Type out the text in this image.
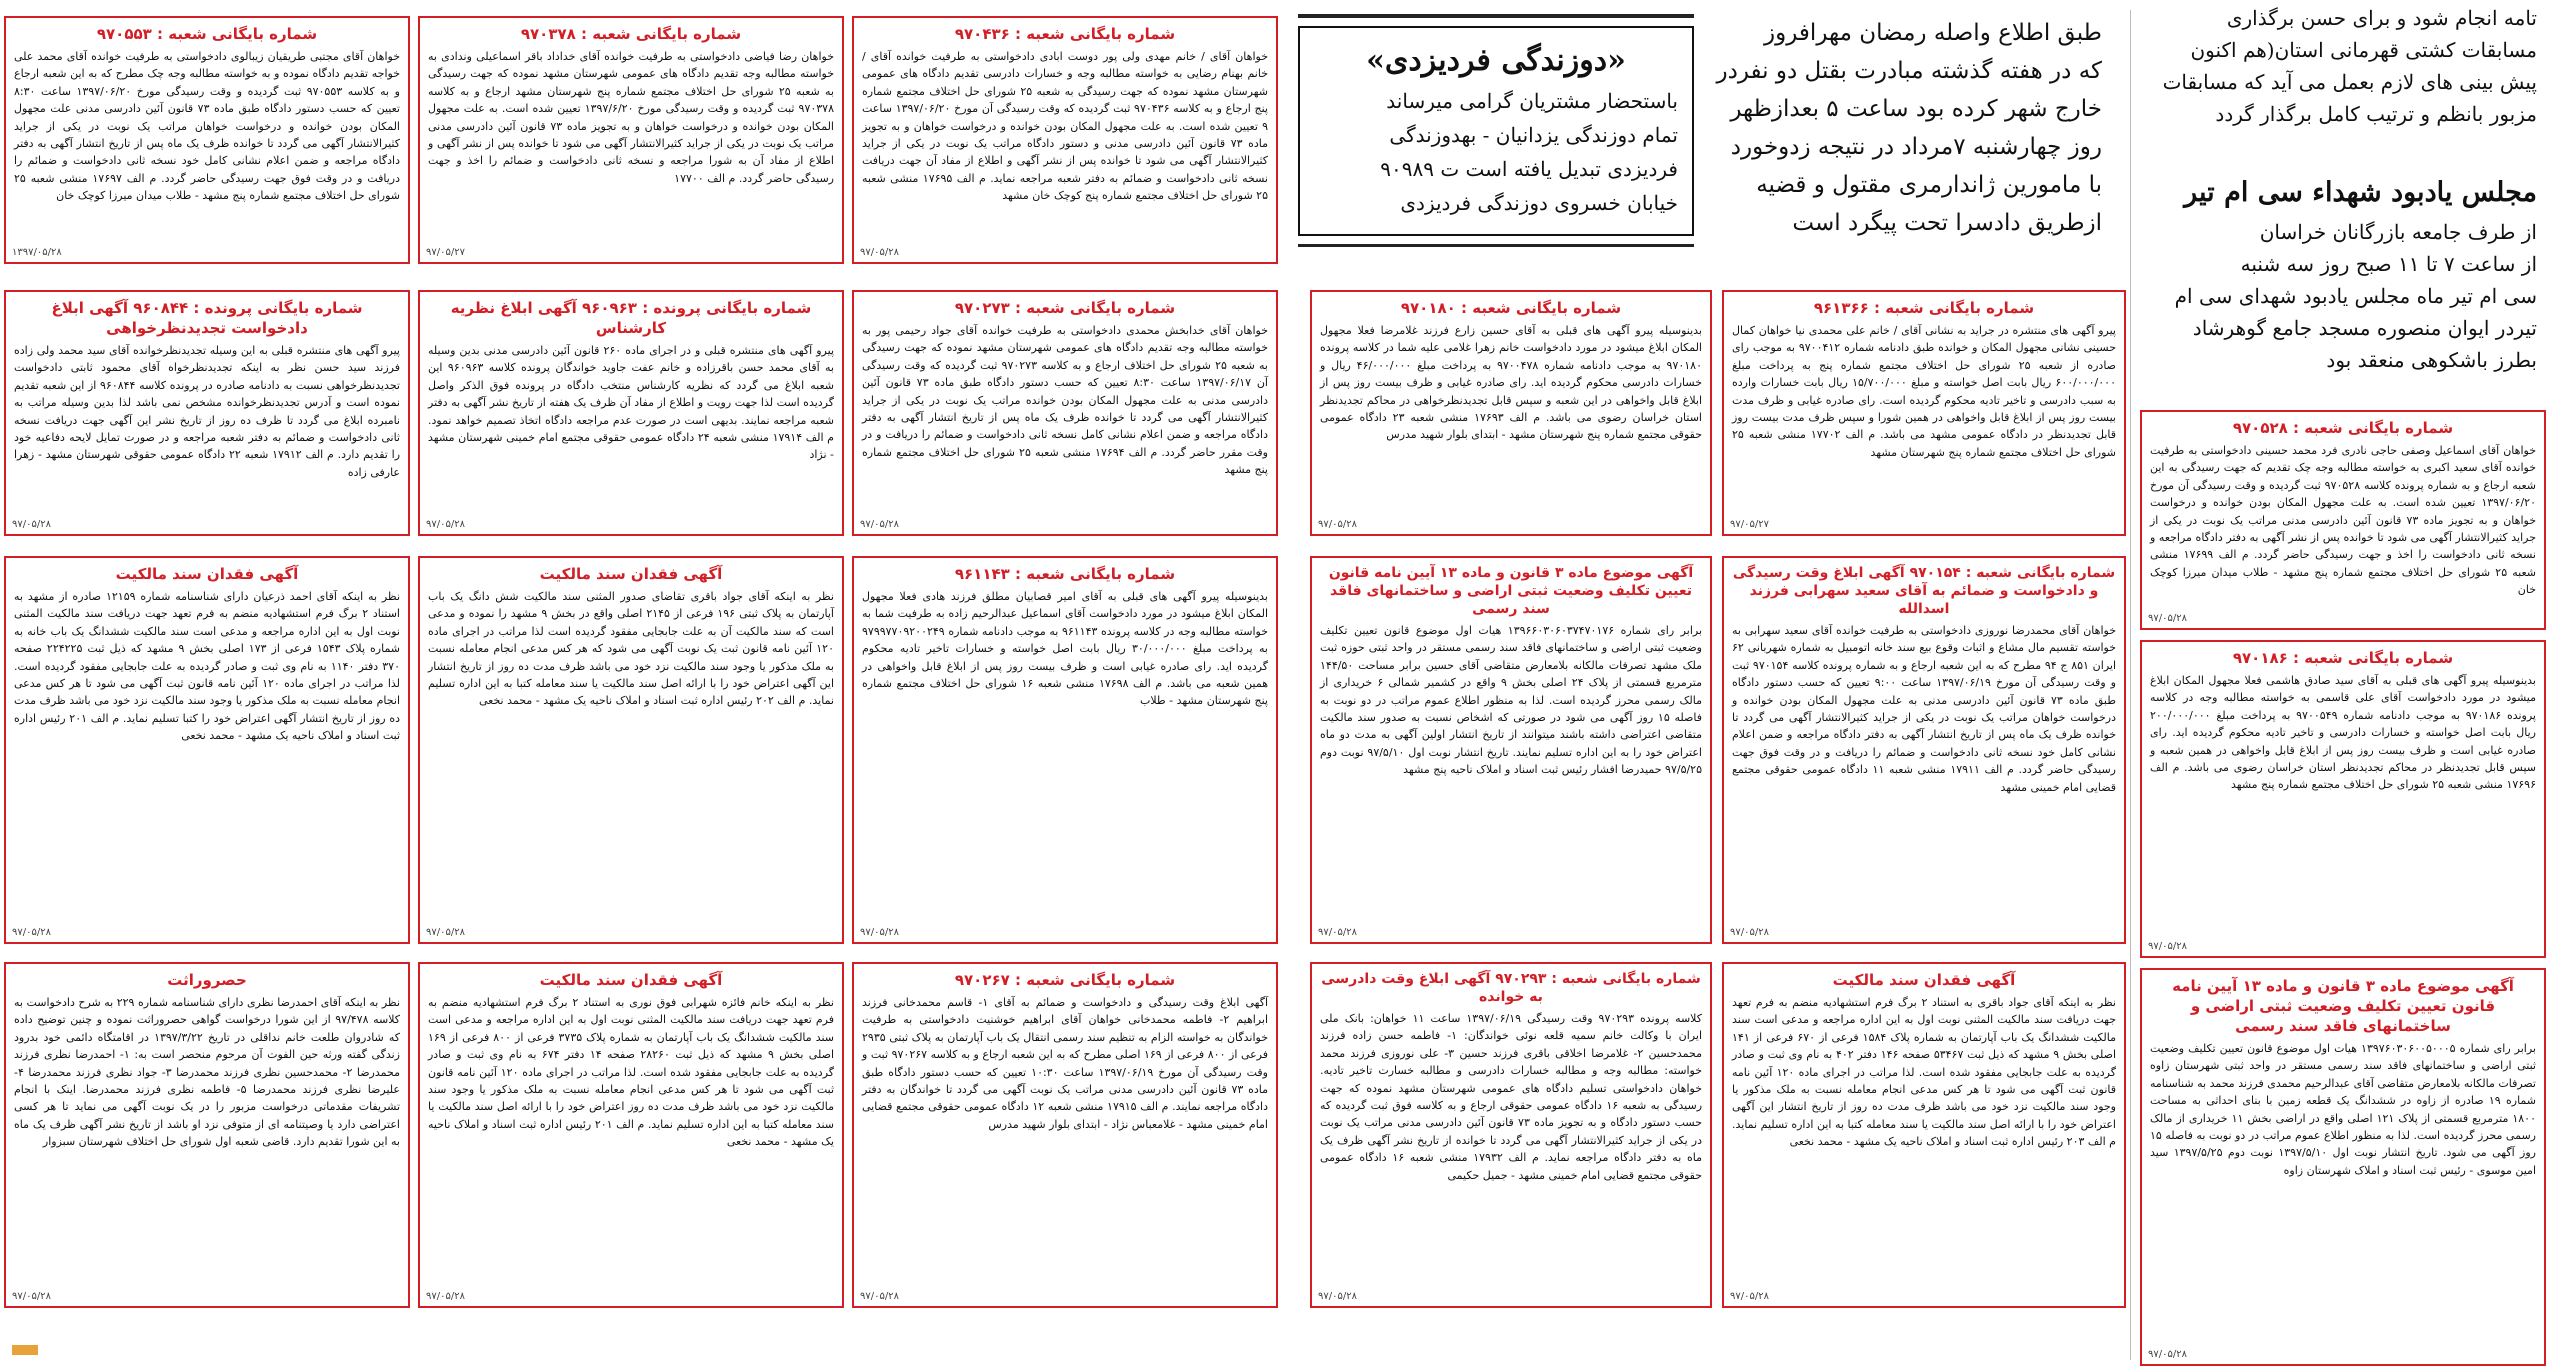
«دوزندگی فردیزدی»
باستحضار مشتریان گرامی میرساند
تمام دوزندگی یزدانیان - بهدوزندگی
فردیزدی تبدیل یافته است ت ۹۰۹۸۹
خیابان خسروی دوزندگی فردیزدی
طبق اطلاع واصله رمضان مهرافروز
که در هفته گذشته مبادرت بقتل دو نفردر
خارج شهر کرده بود ساعت ۵ بعدازظهر
روز چهارشنبه ۷مرداد در نتیجه زدوخورد
با مامورین ژاندارمری مقتول و قضیه
ازطریق دادسرا تحت پیگرد است
تامه انجام شود و برای حسن برگذاری
مسابقات کشتی قهرمانی استان(هم اکنون
پیش بینی های لازم بعمل می آید که مسابقات
مزبور بانظم و ترتیب کامل برگذار گردد
مجلس یادبود شهداء سی ام تیر
از طرف جامعه بازرگانان خراسان
از ساعت ۷ تا ۱۱ صبح روز سه شنبه
سی ام تیر ماه مجلس یادبود شهدای سی ام
تیردر ایوان منصوره مسجد جامع گوهرشاد
بطرز باشکوهی منعقد بود
شماره بایگانی شعبه : ۹۷۰۵۵۳
خواهان آقای مجتبی طریقیان زیبالوی دادخواستی به طرفیت خوانده آقای محمد علی خواجه تقدیم دادگاه نموده و به خواسته مطالبه وجه چک مطرح که به این شعبه ارجاع و به کلاسه ۹۷۰۵۵۳ ثبت گردیده و وقت رسیدگی مورخ ۱۳۹۷/۰۶/۲۰ ساعت ۸:۳۰ تعیین که حسب دستور دادگاه طبق ماده ۷۳ قانون آئین دادرسی مدنی علت مجهول المکان بودن خوانده و درخواست خواهان مراتب یک نوبت در یکی از جراید کثیرالانتشار آگهی می گردد تا خوانده ظرف یک ماه پس از تاریخ انتشار آگهی به دفتر دادگاه مراجعه و ضمن اعلام نشانی کامل خود نسخه ثانی دادخواست و ضمائم را دریافت و در وقت فوق جهت رسیدگی حاضر گردد. م الف ۱۷۶۹۷ منشی شعبه ۲۵ شورای حل اختلاف مجتمع شماره پنج مشهد - طلاب میدان میرزا کوچک خان
۱۳۹۷/۰۵/۲۸
شماره بایگانی شعبه : ۹۷۰۳۷۸
خواهان رضا فیاضی دادخواستی به طرفیت خوانده آقای خداداد باقر اسماعیلی وندادی به خواسته مطالبه وجه تقدیم دادگاه های عمومی شهرستان مشهد نموده که جهت رسیدگی به شعبه ۲۵ شورای حل اختلاف مجتمع شماره پنج شهرستان مشهد ارجاع و به کلاسه ۹۷۰۳۷۸ ثبت گردیده و وقت رسیدگی مورخ ۱۳۹۷/۶/۲۰ تعیین شده است. به علت مجهول المکان بودن خوانده و درخواست خواهان و به تجویز ماده ۷۳ قانون آئین دادرسی مدنی مراتب یک نوبت در یکی از جراید کثیرالانتشار آگهی می شود تا خوانده پس از نشر آگهی و اطلاع از مفاد آن به شورا مراجعه و نسخه ثانی دادخواست و ضمائم را اخذ و جهت رسیدگی حاضر گردد. م الف ۱۷۷۰۰
۹۷/۰۵/۲۷
شماره بایگانی شعبه : ۹۷۰۴۳۶
خواهان آقای / خانم مهدی ولی پور دوست ابادی دادخواستی به طرفیت خوانده آقای / خانم بهنام رضایی به خواسته مطالبه وجه و خسارات دادرسی تقدیم دادگاه های عمومی شهرستان مشهد نموده که جهت رسیدگی به شعبه ۲۵ شورای حل اختلاف مجتمع شماره پنج ارجاع و به کلاسه ۹۷۰۴۳۶ ثبت گردیده که وقت رسیدگی آن مورخ ۱۳۹۷/۰۶/۲۰ ساعت ۹ تعیین شده است. به علت مجهول المکان بودن خوانده و درخواست خواهان و به تجویز ماده ۷۳ قانون آئین دادرسی مدنی و دستور دادگاه مراتب یک نوبت در یکی از جراید کثیرالانتشار آگهی می شود تا خوانده پس از نشر آگهی و اطلاع از مفاد آن جهت دریافت نسخه ثانی دادخواست و ضمائم به دفتر شعبه مراجعه نماید. م الف ۱۷۶۹۵ منشی شعبه ۲۵ شورای حل اختلاف مجتمع شماره پنج کوچک خان مشهد
۹۷/۰۵/۲۸
شماره بایگانی پرونده : ۹۶۰۸۴۴ آگهی ابلاغ دادخواست تجدیدنظرخواهی
پیرو آگهی های منتشره قبلی به این وسیله تجدیدنظرخوانده آقای سید محمد ولی زاده فرزند سید حسن نظر به اینکه تجدیدنظرخواه آقای محمود ثابتی دادخواست تجدیدنظرخواهی نسبت به دادنامه صادره در پرونده کلاسه ۹۶۰۸۴۴ از این شعبه تقدیم نموده است و آدرس تجدیدنظرخوانده مشخص نمی باشد لذا بدین وسیله مراتب به نامبرده ابلاغ می گردد تا ظرف ده روز از تاریخ نشر این آگهی جهت دریافت نسخه ثانی دادخواست و ضمائم به دفتر شعبه مراجعه و در صورت تمایل لایحه دفاعیه خود را تقدیم دارد. م الف ۱۷۹۱۲ شعبه ۲۲ دادگاه عمومی حقوقی شهرستان مشهد - زهرا عارفی زاده
۹۷/۰۵/۲۸
شماره بایگانی پرونده : ۹۶۰۹۶۳ آگهی ابلاغ نظریه کارشناس
پیرو آگهی های منتشره قبلی و در اجرای ماده ۲۶۰ قانون آئین دادرسی مدنی بدین وسیله به آقای محمد حسن باقرزاده و خانم عفت جاوید خواندگان پرونده کلاسه ۹۶۰۹۶۳ این شعبه ابلاغ می گردد که نظریه کارشناس منتخب دادگاه در پرونده فوق الذکر واصل گردیده است لذا جهت رویت و اطلاع از مفاد آن ظرف یک هفته از تاریخ نشر آگهی به دفتر شعبه مراجعه نمایند. بدیهی است در صورت عدم مراجعه دادگاه اتخاذ تصمیم خواهد نمود. م الف ۱۷۹۱۴ منشی شعبه ۲۴ دادگاه عمومی حقوقی مجتمع امام خمینی شهرستان مشهد - نژاد
۹۷/۰۵/۲۸
شماره بایگانی شعبه : ۹۷۰۲۷۳
خواهان آقای خدابخش محمدی دادخواستی به طرفیت خوانده آقای جواد رحیمی پور به خواسته مطالبه وجه تقدیم دادگاه های عمومی شهرستان مشهد نموده که جهت رسیدگی به شعبه ۲۵ شورای حل اختلاف ارجاع و به کلاسه ۹۷۰۲۷۳ ثبت گردیده که وقت رسیدگی آن ۱۳۹۷/۰۶/۱۷ ساعت ۸:۳۰ تعیین که حسب دستور دادگاه طبق ماده ۷۳ قانون آئین دادرسی مدنی به علت مجهول المکان بودن خوانده مراتب یک نوبت در یکی از جراید کثیرالانتشار آگهی می گردد تا خوانده ظرف یک ماه پس از تاریخ انتشار آگهی به دفتر دادگاه مراجعه و ضمن اعلام نشانی کامل نسخه ثانی دادخواست و ضمائم را دریافت و در وقت مقرر حاضر گردد. م الف ۱۷۶۹۴ منشی شعبه ۲۵ شورای حل اختلاف مجتمع شماره پنج مشهد
۹۷/۰۵/۲۸
شماره بایگانی شعبه : ۹۷۰۱۸۰
بدینوسیله پیرو آگهی های قبلی به آقای حسین زارع فرزند غلامرضا فعلا مجهول المکان ابلاغ میشود در مورد دادخواست خانم زهرا غلامی علیه شما در کلاسه پرونده ۹۷۰۱۸۰ به موجب دادنامه شماره ۹۷۰۰۴۷۸ به پرداخت مبلغ ۴۶/۰۰۰/۰۰۰ ریال و خسارات دادرسی محکوم گردیده اید. رای صادره غیابی و ظرف بیست روز پس از ابلاغ قابل واخواهی در این شعبه و سپس قابل تجدیدنظرخواهی در محاکم تجدیدنظر استان خراسان رضوی می باشد. م الف ۱۷۶۹۳ منشی شعبه ۲۳ دادگاه عمومی حقوقی مجتمع شماره پنج شهرستان مشهد - ابتدای بلوار شهید مدرس
۹۷/۰۵/۲۸
شماره بایگانی شعبه : ۹۶۱۳۶۶
پیرو آگهی های منتشره در جراید به نشانی آقای / خانم علی محمدی نیا خواهان کمال حسینی نشانی مجهول المکان و خوانده طبق دادنامه شماره ۹۷۰۰۴۱۲ به موجب رای صادره از شعبه ۲۵ شورای حل اختلاف مجتمع شماره پنج به پرداخت مبلغ ۶۰۰/۰۰۰/۰۰۰ ریال بابت اصل خواسته و مبلغ ۱۵/۷۰۰/۰۰۰ ریال بابت خسارات وارده به سبب دادرسی و تاخیر تادیه محکوم گردیده است. رای صادره غیابی و ظرف مدت بیست روز پس از ابلاغ قابل واخواهی در همین شورا و سپس ظرف مدت بیست روز قابل تجدیدنظر در دادگاه عمومی مشهد می باشد. م الف ۱۷۷۰۲ منشی شعبه ۲۵ شورای حل اختلاف مجتمع شماره پنج شهرستان مشهد
۹۷/۰۵/۲۷
شماره بایگانی شعبه : ۹۷۰۵۲۸
خواهان آقای اسماعیل وصفی حاجی نادری فرد محمد حسینی دادخواستی به طرفیت خوانده آقای سعید اکبری به خواسته مطالبه وجه چک تقدیم که جهت رسیدگی به این شعبه ارجاع و به شماره پرونده کلاسه ۹۷۰۵۲۸ ثبت گردیده و وقت رسیدگی آن مورخ ۱۳۹۷/۰۶/۲۰ تعیین شده است. به علت مجهول المکان بودن خوانده و درخواست خواهان و به تجویز ماده ۷۳ قانون آئین دادرسی مدنی مراتب یک نوبت در یکی از جراید کثیرالانتشار آگهی می شود تا خوانده پس از نشر آگهی به دفتر دادگاه مراجعه و نسخه ثانی دادخواست را اخذ و جهت رسیدگی حاضر گردد. م الف ۱۷۶۹۹ منشی شعبه ۲۵ شورای حل اختلاف مجتمع شماره پنج مشهد - طلاب میدان میرزا کوچک خان
۹۷/۰۵/۲۸
شماره بایگانی شعبه : ۹۷۰۱۸۶
بدینوسیله پیرو آگهی های قبلی به آقای سید صادق هاشمی فعلا مجهول المکان ابلاغ میشود در مورد دادخواست آقای علی قاسمی به خواسته مطالبه وجه در کلاسه پرونده ۹۷۰۱۸۶ به موجب دادنامه شماره ۹۷۰۰۵۴۹ به پرداخت مبلغ ۲۰۰/۰۰۰/۰۰۰ ریال بابت اصل خواسته و خسارات دادرسی و تاخیر تادیه محکوم گردیده اید. رای صادره غیابی است و ظرف بیست روز پس از ابلاغ قابل واخواهی در همین شعبه و سپس قابل تجدیدنظر در محاکم تجدیدنظر استان خراسان رضوی می باشد. م الف ۱۷۶۹۶ منشی شعبه ۲۵ شورای حل اختلاف مجتمع شماره پنج مشهد
۹۷/۰۵/۲۸
آگهی موضوع ماده ۳ قانون و ماده ۱۳ آیین نامه قانون تعیین تکلیف وضعیت ثبتی اراضی و ساختمانهای فاقد سند رسمی
برابر رای شماره ۱۳۹۷۶۰۳۰۶۰۰۵۰۰۰۵ هیات اول موضوع قانون تعیین تکلیف وضعیت ثبتی اراضی و ساختمانهای فاقد سند رسمی مستقر در واحد ثبتی شهرستان زاوه تصرفات مالکانه بلامعارض متقاضی آقای عبدالرحیم محمدی فرزند محمد به شناسنامه شماره ۱۹ صادره از زاوه در ششدانگ یک قطعه زمین با بنای احداثی به مساحت ۱۸۰۰ مترمربع قسمتی از پلاک ۱۲۱ اصلی واقع در اراضی بخش ۱۱ خریداری از مالک رسمی محرز گردیده است. لذا به منظور اطلاع عموم مراتب در دو نوبت به فاصله ۱۵ روز آگهی می شود. تاریخ انتشار نوبت اول ۱۳۹۷/۵/۱۰ نوبت دوم ۱۳۹۷/۵/۲۵ سید امین موسوی - رئیس ثبت اسناد و املاک شهرستان زاوه
۹۷/۰۵/۲۸
آگهی فقدان سند مالکیت
نظر به اینکه آقای احمد ذرعیان دارای شناسنامه شماره ۱۲۱۵۹ صادره از مشهد به استناد ۲ برگ فرم استشهادیه منضم به فرم تعهد جهت دریافت سند مالکیت المثنی نوبت اول به این اداره مراجعه و مدعی است سند مالکیت ششدانگ یک باب خانه به شماره پلاک ۱۵۴۳ فرعی از ۱۷۳ اصلی بخش ۹ مشهد که ذیل ثبت ۲۲۴۲۲۵ صفحه ۳۷۰ دفتر ۱۱۴۰ به نام وی ثبت و صادر گردیده به علت جابجایی مفقود گردیده است. لذا مراتب در اجرای ماده ۱۲۰ آئین نامه قانون ثبت آگهی می شود تا هر کس مدعی انجام معامله نسبت به ملک مذکور یا وجود سند مالکیت نزد خود می باشد ظرف مدت ده روز از تاریخ انتشار آگهی اعتراض خود را کتبا تسلیم نماید. م الف ۲۰۱ رئیس اداره ثبت اسناد و املاک ناحیه یک مشهد - محمد نخعی
۹۷/۰۵/۲۸
آگهی فقدان سند مالکیت
نظر به اینکه آقای جواد باقری تقاضای صدور المثنی سند مالکیت شش دانگ یک باب آپارتمان به پلاک ثبتی ۱۹۶ فرعی از ۲۱۴۵ اصلی واقع در بخش ۹ مشهد را نموده و مدعی است که سند مالکیت آن به علت جابجایی مفقود گردیده است لذا مراتب در اجرای ماده ۱۲۰ آئین نامه قانون ثبت یک نوبت آگهی می شود که هر کس مدعی انجام معامله نسبت به ملک مذکور یا وجود سند مالکیت نزد خود می باشد ظرف مدت ده روز از تاریخ انتشار این آگهی اعتراض خود را با ارائه اصل سند مالکیت یا سند معامله کتبا به این اداره تسلیم نماید. م الف ۲۰۲ رئیس اداره ثبت اسناد و املاک ناحیه یک مشهد - محمد نخعی
۹۷/۰۵/۲۸
شماره بایگانی شعبه : ۹۶۱۱۴۳
بدینوسیله پیرو آگهی های قبلی به آقای امیر قصابیان مطلق فرزند هادی فعلا مجهول المکان ابلاغ میشود در مورد دادخواست آقای اسماعیل عبدالرحیم زاده به طرفیت شما به خواسته مطالبه وجه در کلاسه پرونده ۹۶۱۱۴۳ به موجب دادنامه شماره ۹۷۹۹۷۷۰۹۲۰۰۲۴۹ به پرداخت مبلغ ۳۰/۰۰۰/۰۰۰ ریال بابت اصل خواسته و خسارات تاخیر تادیه محکوم گردیده اید. رای صادره غیابی است و ظرف بیست روز پس از ابلاغ قابل واخواهی در همین شعبه می باشد. م الف ۱۷۶۹۸ منشی شعبه ۱۶ شورای حل اختلاف مجتمع شماره پنج شهرستان مشهد - طلاب
۹۷/۰۵/۲۸
آگهی موضوع ماده ۳ قانون و ماده ۱۳ آیین نامه قانون تعیین تکلیف وضعیت ثبتی اراضی و ساختمانهای فاقد سند رسمی
برابر رای شماره ۱۳۹۶۶۰۳۰۶۰۳۷۴۷۰۱۷۶ هیات اول موضوع قانون تعیین تکلیف وضعیت ثبتی اراضی و ساختمانهای فاقد سند رسمی مستقر در واحد ثبتی حوزه ثبت ملک مشهد تصرفات مالکانه بلامعارض متقاضی آقای حسین برابر مساحت ۱۴۴/۵۰ مترمربع قسمتی از پلاک ۲۴ اصلی بخش ۹ واقع در کشمیر شمالی ۶ خریداری از مالک رسمی محرز گردیده است. لذا به منظور اطلاع عموم مراتب در دو نوبت به فاصله ۱۵ روز آگهی می شود در صورتی که اشخاص نسبت به صدور سند مالکیت متقاضی اعتراضی داشته باشند میتوانند از تاریخ انتشار اولین آگهی به مدت دو ماه اعتراض خود را به این اداره تسلیم نمایند. تاریخ انتشار نوبت اول ۹۷/۵/۱۰ نوبت دوم ۹۷/۵/۲۵ حمیدرضا افشار رئیس ثبت اسناد و املاک ناحیه پنج مشهد
۹۷/۰۵/۲۸
شماره بایگانی شعبه : ۹۷۰۱۵۴ آگهی ابلاغ وقت رسیدگی و دادخواست و ضمائم به آقای سعید سهرابی فرزند اسدالله
خواهان آقای محمدرضا نوروزی دادخواستی به طرفیت خوانده آقای سعید سهرابی به خواسته تقسیم مال مشاع و اثبات وقوع بیع سند خانه اتومبیل به شماره شهربانی ۶۲ ایران ۸۵۱ ج ۹۴ مطرح که به این شعبه ارجاع و به شماره پرونده کلاسه ۹۷۰۱۵۴ ثبت و وقت رسیدگی آن مورخ ۱۳۹۷/۰۶/۱۹ ساعت ۹:۰۰ تعیین که حسب دستور دادگاه طبق ماده ۷۳ قانون آئین دادرسی مدنی به علت مجهول المکان بودن خوانده و درخواست خواهان مراتب یک نوبت در یکی از جراید کثیرالانتشار آگهی می گردد تا خوانده ظرف یک ماه پس از تاریخ انتشار آگهی به دفتر دادگاه مراجعه و ضمن اعلام نشانی کامل خود نسخه ثانی دادخواست و ضمائم را دریافت و در وقت فوق جهت رسیدگی حاضر گردد. م الف ۱۷۹۱۱ منشی شعبه ۱۱ دادگاه عمومی حقوقی مجتمع قضایی امام خمینی مشهد
۹۷/۰۵/۲۸
حصروراثت
نظر به اینکه آقای احمدرضا نظری دارای شناسنامه شماره ۲۲۹ به شرح دادخواست به کلاسه ۹۷/۴۷۸ از این شورا درخواست گواهی حصروراثت نموده و چنین توضیح داده که شادروان طلعت خانم نداقلی در تاریخ ۱۳۹۷/۳/۲۲ در اقامتگاه دائمی خود بدرود زندگی گفته ورثه حین الفوت آن مرحوم منحصر است به: ۱- احمدرضا نظری فرزند محمدرضا ۲- محمدحسین نظری فرزند محمدرضا ۳- جواد نظری فرزند محمدرضا ۴- علیرضا نظری فرزند محمدرضا ۵- فاطمه نظری فرزند محمدرضا. اینک با انجام تشریفات مقدماتی درخواست مزبور را در یک نوبت آگهی می نماید تا هر کسی اعتراضی دارد یا وصیتنامه ای از متوفی نزد او باشد از تاریخ نشر آگهی ظرف یک ماه به این شورا تقدیم دارد. قاضی شعبه اول شورای حل اختلاف شهرستان سبزوار
۹۷/۰۵/۲۸
آگهی فقدان سند مالکیت
نظر به اینکه خانم فائزه شهرابی فوق نوری به استناد ۲ برگ فرم استشهادیه منضم به فرم تعهد جهت دریافت سند مالکیت المثنی نوبت اول به این اداره مراجعه و مدعی است سند مالکیت ششدانگ یک باب آپارتمان به شماره پلاک ۳۷۳۵ فرعی از ۸۰۰ فرعی از ۱۶۹ اصلی بخش ۹ مشهد که ذیل ثبت ۲۸۲۶۰ صفحه ۱۴ دفتر ۶۷۴ به نام وی ثبت و صادر گردیده به علت جابجایی مفقود شده است. لذا مراتب در اجرای ماده ۱۲۰ آئین نامه قانون ثبت آگهی می شود تا هر کس مدعی انجام معامله نسبت به ملک مذکور یا وجود سند مالکیت نزد خود می باشد ظرف مدت ده روز اعتراض خود را با ارائه اصل سند مالکیت یا سند معامله کتبا به این اداره تسلیم نماید. م الف ۲۰۱ رئیس اداره ثبت اسناد و املاک ناحیه یک مشهد - محمد نخعی
۹۷/۰۵/۲۸
شماره بایگانی شعبه : ۹۷۰۲۶۷
آگهی ابلاغ وقت رسیدگی و دادخواست و ضمائم به آقای ۱- قاسم محمدخانی فرزند ابراهیم ۲- فاطمه محمدخانی خواهان آقای ابراهیم خوشنیت دادخواستی به طرفیت خواندگان به خواسته الزام به تنظیم سند رسمی انتقال یک باب آپارتمان به پلاک ثبتی ۲۹۳۵ فرعی از ۸۰۰ فرعی از ۱۶۹ اصلی مطرح که به این شعبه ارجاع و به کلاسه ۹۷۰۲۶۷ ثبت و وقت رسیدگی آن مورخ ۱۳۹۷/۰۶/۱۹ ساعت ۱۰:۳۰ تعیین که حسب دستور دادگاه طبق ماده ۷۳ قانون آئین دادرسی مدنی مراتب یک نوبت آگهی می گردد تا خواندگان به دفتر دادگاه مراجعه نمایند. م الف ۱۷۹۱۵ منشی شعبه ۱۲ دادگاه عمومی حقوقی مجتمع قضایی امام خمینی مشهد - غلامعباس نژاد - ابتدای بلوار شهید مدرس
۹۷/۰۵/۲۸
شماره بایگانی شعبه : ۹۷۰۲۹۳ آگهی ابلاغ وقت دادرسی به خوانده
کلاسه پرونده ۹۷۰۲۹۳ وقت رسیدگی ۱۳۹۷/۰۶/۱۹ ساعت ۱۱ خواهان: بانک ملی ایران با وکالت خانم سمیه قلعه نوئی خواندگان: ۱- فاطمه حسن زاده فرزند محمدحسین ۲- غلامرضا اخلاقی باقری فرزند حسین ۳- علی نوروزی فرزند محمد خواسته: مطالبه وجه و مطالبه خسارات دادرسی و مطالبه خسارت تاخیر تادیه. خواهان دادخواستی تسلیم دادگاه های عمومی شهرستان مشهد نموده که جهت رسیدگی به شعبه ۱۶ دادگاه عمومی حقوقی ارجاع و به کلاسه فوق ثبت گردیده که حسب دستور دادگاه و به تجویز ماده ۷۳ قانون آئین دادرسی مدنی مراتب یک نوبت در یکی از جراید کثیرالانتشار آگهی می گردد تا خوانده از تاریخ نشر آگهی ظرف یک ماه به دفتر دادگاه مراجعه نماید. م الف ۱۷۹۳۲ منشی شعبه ۱۶ دادگاه عمومی حقوقی مجتمع قضایی امام خمینی مشهد - جمیل حکیمی
۹۷/۰۵/۲۸
آگهی فقدان سند مالکیت
نظر به اینکه آقای جواد باقری به استناد ۲ برگ فرم استشهادیه منضم به فرم تعهد جهت دریافت سند مالکیت المثنی نوبت اول به این اداره مراجعه و مدعی است سند مالکیت ششدانگ یک باب آپارتمان به شماره پلاک ۱۵۸۴ فرعی از ۶۷۰ فرعی از ۱۴۱ اصلی بخش ۹ مشهد که ذیل ثبت ۵۳۴۶۷ صفحه ۱۴۶ دفتر ۴۰۲ به نام وی ثبت و صادر گردیده به علت جابجایی مفقود شده است. لذا مراتب در اجرای ماده ۱۲۰ آئین نامه قانون ثبت آگهی می شود تا هر کس مدعی انجام معامله نسبت به ملک مذکور یا وجود سند مالکیت نزد خود می باشد ظرف مدت ده روز از تاریخ انتشار این آگهی اعتراض خود را با ارائه اصل سند مالکیت یا سند معامله کتبا به این اداره تسلیم نماید. م الف ۲۰۳ رئیس اداره ثبت اسناد و املاک ناحیه یک مشهد - محمد نخعی
۹۷/۰۵/۲۸
